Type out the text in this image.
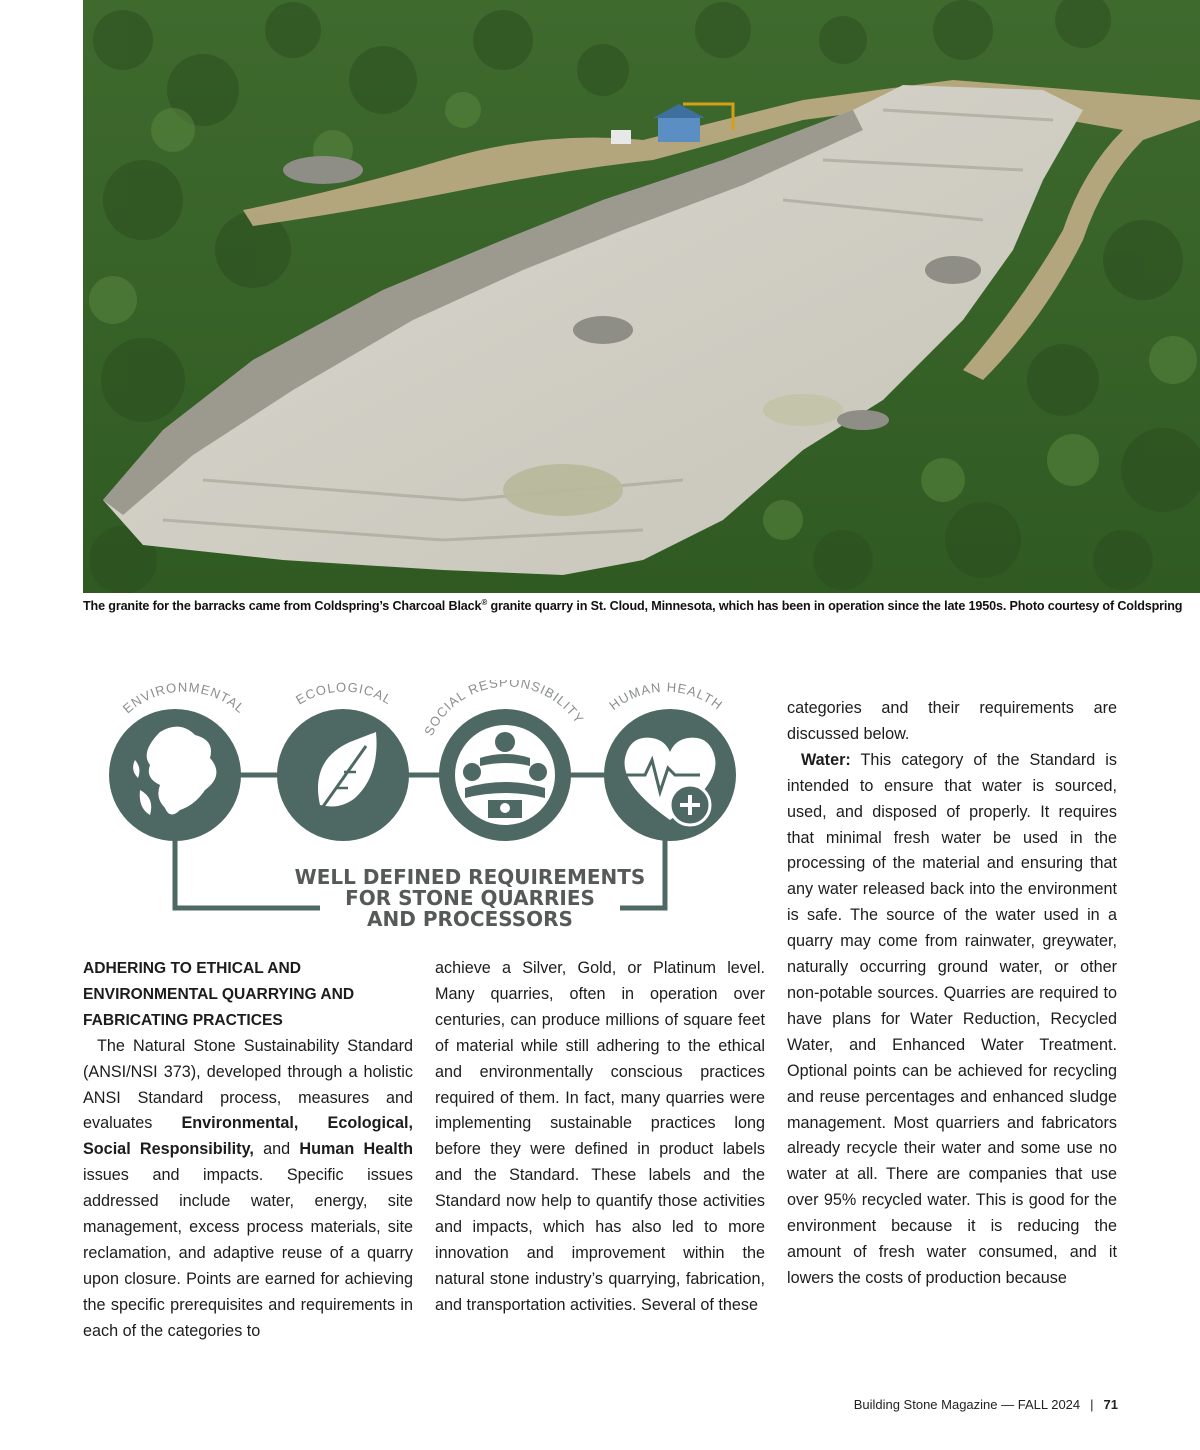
The granite for the barracks came from Coldspring’s Charcoal Black® granite quarry in St. Cloud, Minnesota, which has been in operation since the late 1950s. Photo courtesy of Coldspring
ENVIRONMENTAL
ECOLOGICAL
SOCIAL RESPONSIBILITY
HUMAN HEALTH
WELL DEFINED REQUIREMENTS
FOR STONE QUARRIES
AND PROCESSORS

ADHERING TO ETHICAL AND ENVIRONMENTAL QUARRYING AND FABRICATING PRACTICES

The Natural Stone Sustainability Standard (ANSI/NSI 373), developed through a holistic ANSI Standard process, measures and evaluates Environmental, Ecological, Social Responsibility, and Human Health issues and impacts. Specific issues addressed include water, energy, site management, excess process materials, site reclamation, and adaptive reuse of a quarry upon closure. Points are earned for achieving the specific prerequisites and requirements in each of the categories to

achieve a Silver, Gold, or Platinum level. Many quarries, often in operation over centuries, can produce millions of square feet of material while still adhering to the ethical and environmentally conscious practices required of them. In fact, many quarries were implementing sustainable practices long before they were defined in product labels and the Standard. These labels and the Standard now help to quantify those activities and impacts, which has also led to more innovation and improvement within the natural stone industry’s quarrying, fabrication, and transportation activities. Several of these

categories and their requirements are discussed below.

Water: This category of the Standard is intended to ensure that water is sourced, used, and disposed of properly. It requires that minimal fresh water be used in the processing of the material and ensuring that any water released back into the environment is safe. The source of the water used in a quarry may come from rainwater, greywater, naturally occurring ground water, or other non-potable sources. Quarries are required to have plans for Water Reduction, Recycled Water, and Enhanced Water Treatment. Optional points can be achieved for recycling and reuse percentages and enhanced sludge management. Most quarriers and fabricators already recycle their water and some use no water at all. There are companies that use over 95% recycled water. This is good for the environment because it is reducing the amount of fresh water consumed, and it lowers the costs of production because

Building Stone Magazine — FALL 2024 | 71
